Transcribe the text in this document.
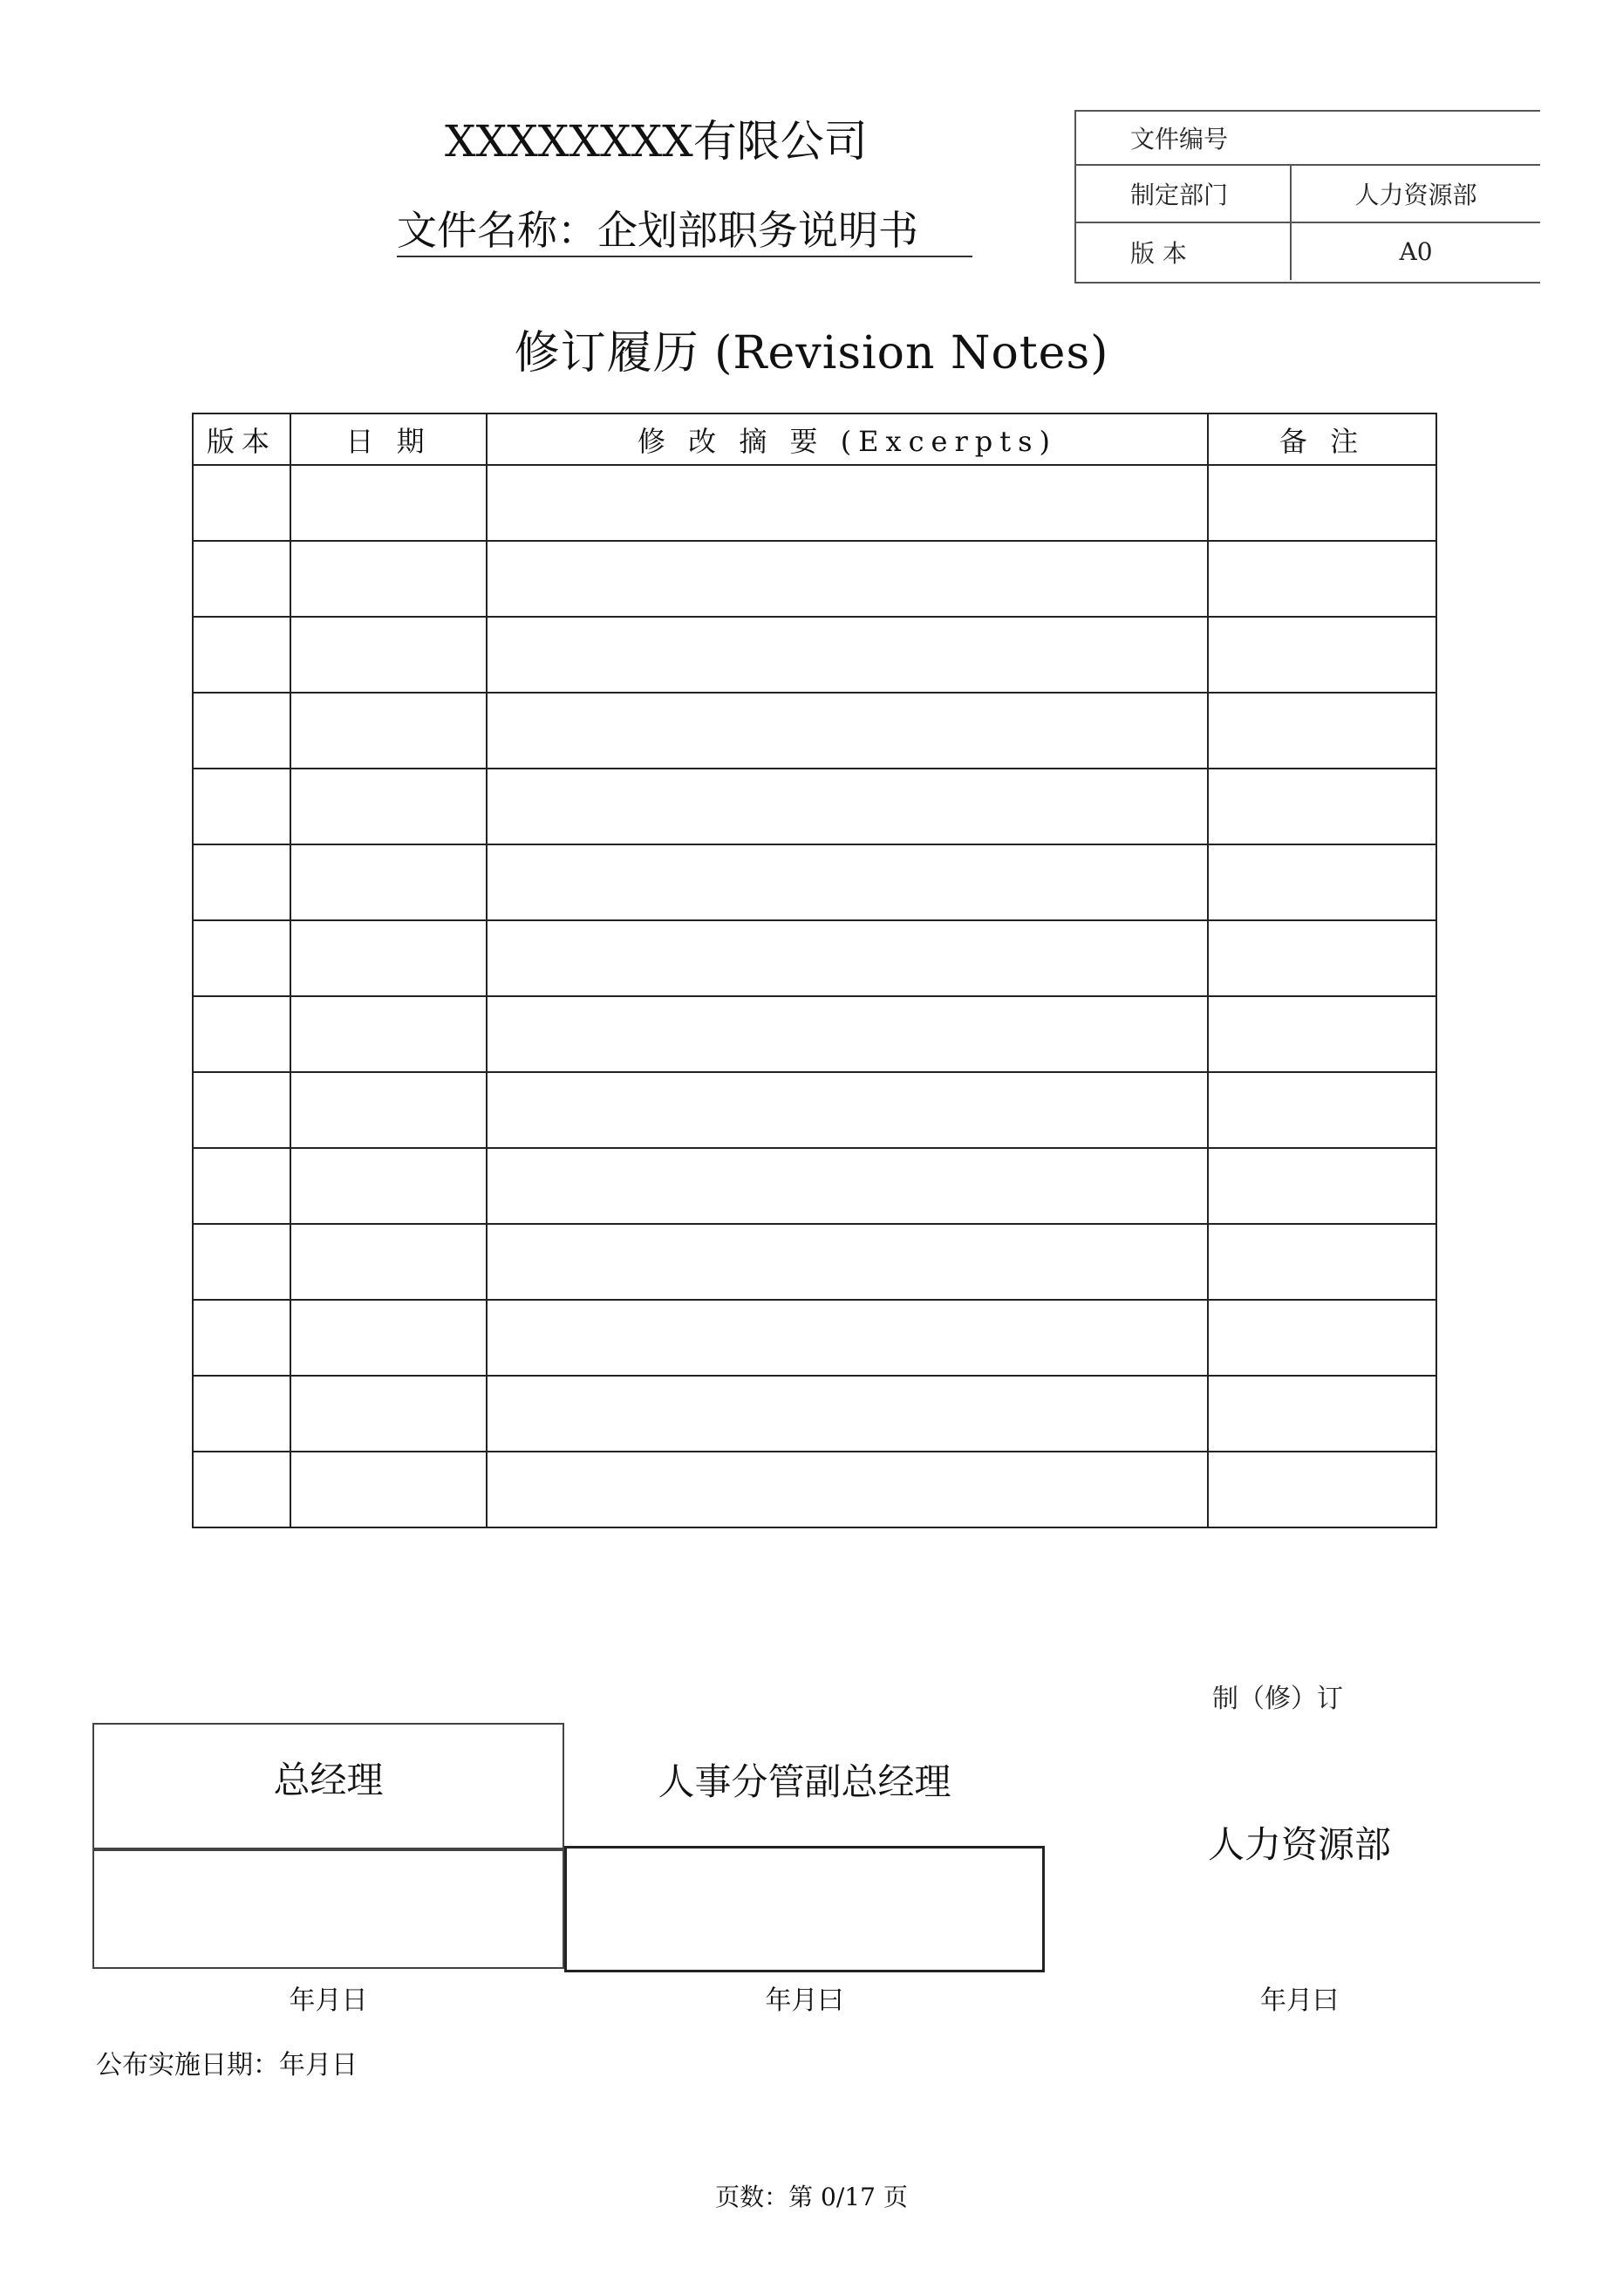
XXXXXXXX有限公司
文件名称：企划部职务说明书
文件编号
制定部门	人力资源部
版 本	A0
修订履历 (Revision Notes)
版本	日 期	修 改 摘 要 (Excerpts)	备 注

制（修）订
总经理	人事分管副总经理
人力资源部
年月日	年月曰	年月曰
公布实施日期：年月日
页数：第 0/17 页
